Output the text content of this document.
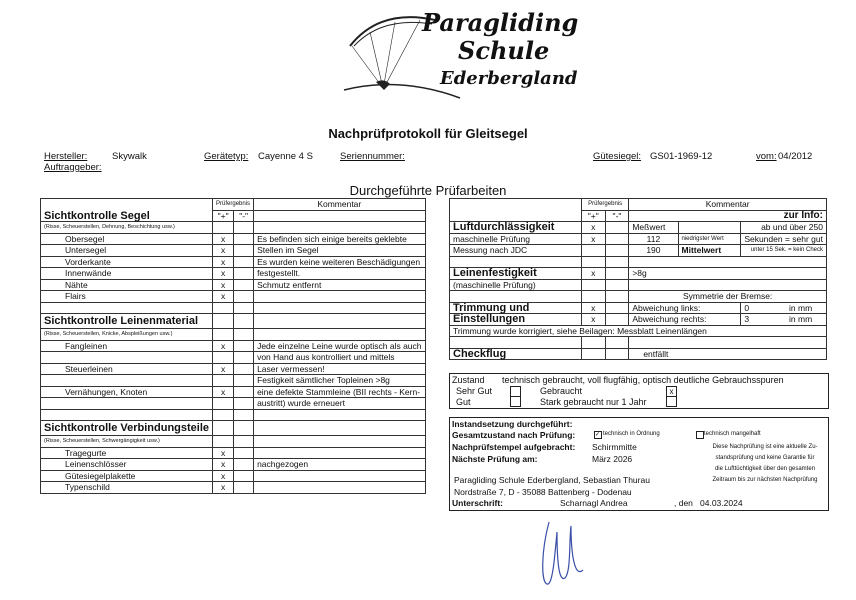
Paragliding
Schule
Ederbergland
Nachprüfprotokoll für Gleitsegel
Hersteller:	Skywalk
Auftraggeber:
Gerätetyp: Cayenne 4 S	Seriennummer:	Gütesiegel: GS01-1969-12	vom: 04/2012
Durchgeführte Prüfarbeiten
	Prüfergebnis		Kommentar
Sichtkontrolle Segel	"+"	"-"	
(Risse, Scheuerstellen, Dehnung, Beschichtung usw.)			
Obersegel	x		Es befinden sich einige bereits geklebte
Untersegel	x		Stellen im Segel
Vorderkante	x		Es wurden keine weiteren Beschädigungen
Innenwände	x		festgestellt.
Nähte	x		Schmutz entfernt
Flairs	x		

Sichtkontrolle Leinenmaterial			
(Risse, Scheuerstellen, Knicke, Abspleißungen usw.)			
Fangleinen	x		Jede einzelne Leine wurde optisch als auch
			von Hand aus kontrolliert und mittels
Steuerleinen	x		Laser vermessen!
			Festigkeit sämtlicher Topleinen >8g
Vernähungen, Knoten	x		eine defekte Stammleine (BII rechts - Kern-
			austritt) wurde erneuert

Sichtkontrolle Verbindungsteile			
(Risse, Scheuerstellen, Schwergängigkeit usw.)			
Tragegurte	x		
Leinenschlösser	x		nachgezogen
Gütesiegelplakette	x		
Typenschild	x		
	Prüfergebnis		Kommentar		
	"+"	"-"	zur Info:		
Luftdurchlässigkeit	x		Meßwert		ab und über 250
maschinelle Prüfung	x		112	niedrigster Wert	Sekunden = sehr gut
Messung nach JDC			190	Mittelwert	unter 15 Sek. = kein Check

Leinenfestigkeit	x		>8g		
(maschinelle Prüfung)					
			Symmetrie der Bremse:		
Trimmung und	x		Abweichung links:		0 in mm
Einstellungen	x		Abweichung rechts:		3 in mm
Trimmung wurde korrigiert, siehe Beilagen: Messblatt Leinenlängen					

Checkflug			entfällt		
Zustand technisch gebraucht, voll flugfähig, optisch deutliche Gebrauchsspuren
Sehr Gut	Gebraucht	x
Gut	Stark gebraucht nur 1 Jahr
Instandsetzung durchgeführt:
Gesamtzustand nach Prüfung:	✓ technisch in Ordnung	technisch mangelhaft
Nachprüfstempel aufgebracht: Schirmmitte
Nächste Prüfung am:	März 2026
Paragliding Schule Ederbergland, Sebastian Thurau
Nordstraße 7, D - 35088 Battenberg - Dodenau
Unterschrift:	Scharnagl Andrea	, den 04.03.2024
Diese Nachprüfung ist eine aktuelle Zu-
standsprüfung und keine Garantie für
die Lufttüchtigkeit über den gesamten
Zeitraum bis zur nächsten Nachprüfung
